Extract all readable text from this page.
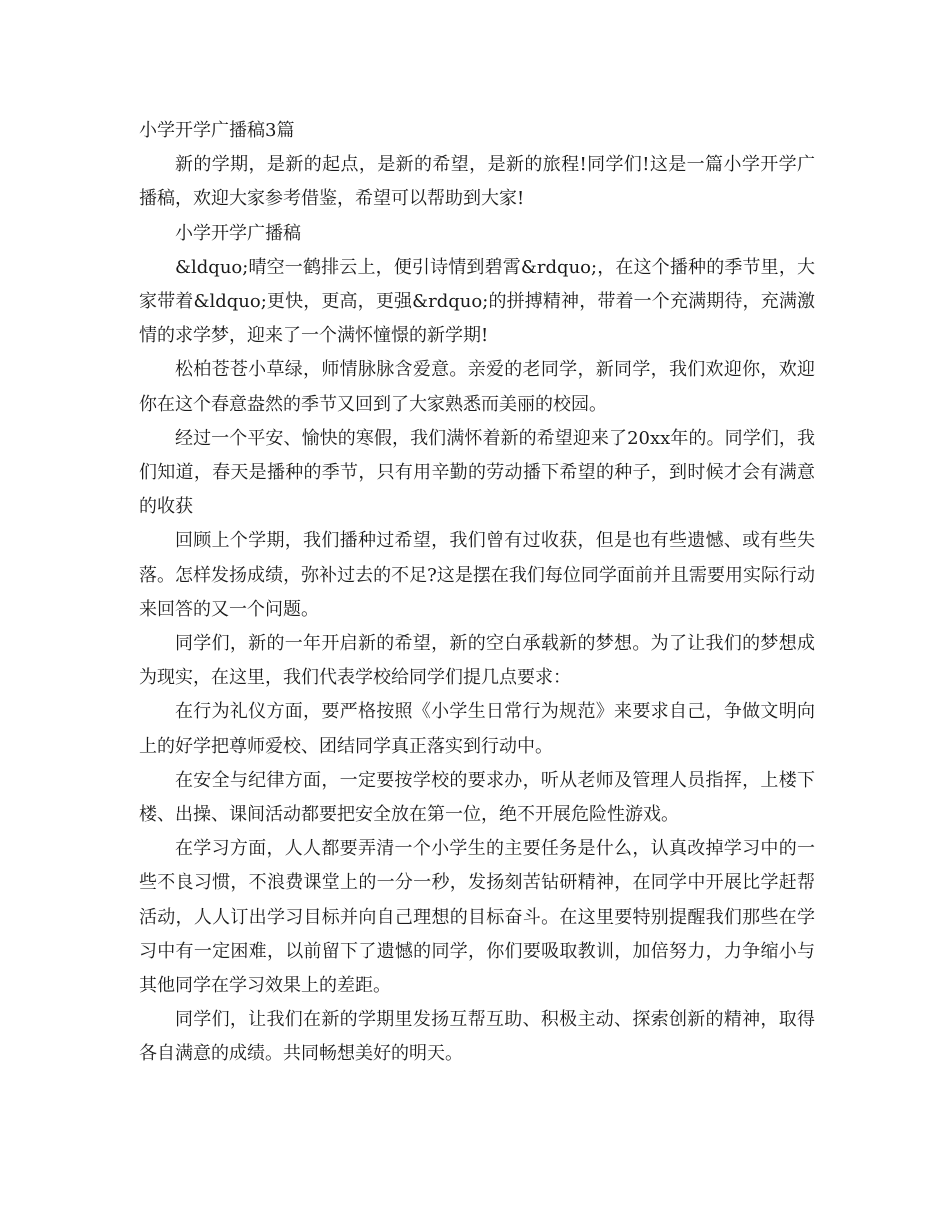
小学开学广播稿3篇

新的学期，是新的起点，是新的希望，是新的旅程!同学们!这是一篇小学开学广播稿，欢迎大家参考借鉴，希望可以帮助到大家!

小学开学广播稿

&ldquo;晴空一鹤排云上，便引诗情到碧霄&rdquo;，在这个播种的季节里，大家带着&ldquo;更快，更高，更强&rdquo;的拼搏精神，带着一个充满期待，充满激情的求学梦，迎来了一个满怀憧憬的新学期!

松柏苍苍小草绿，师情脉脉含爱意。亲爱的老同学，新同学，我们欢迎你，欢迎你在这个春意盎然的季节又回到了大家熟悉而美丽的校园。

经过一个平安、愉快的寒假，我们满怀着新的希望迎来了20xx年的。同学们，我们知道，春天是播种的季节，只有用辛勤的劳动播下希望的种子，到时候才会有满意的收获

回顾上个学期，我们播种过希望，我们曾有过收获，但是也有些遗憾、或有些失落。怎样发扬成绩，弥补过去的不足?这是摆在我们每位同学面前并且需要用实际行动来回答的又一个问题。

同学们，新的一年开启新的希望，新的空白承载新的梦想。为了让我们的梦想成为现实，在这里，我们代表学校给同学们提几点要求：

在行为礼仪方面，要严格按照《小学生日常行为规范》来要求自己，争做文明向上的好学把尊师爱校、团结同学真正落实到行动中。

在安全与纪律方面，一定要按学校的要求办，听从老师及管理人员指挥，上楼下楼、出操、课间活动都要把安全放在第一位，绝不开展危险性游戏。

在学习方面，人人都要弄清一个小学生的主要任务是什么，认真改掉学习中的一些不良习惯，不浪费课堂上的一分一秒，发扬刻苦钻研精神，在同学中开展比学赶帮活动，人人订出学习目标并向自己理想的目标奋斗。在这里要特别提醒我们那些在学习中有一定困难，以前留下了遗憾的同学，你们要吸取教训，加倍努力，力争缩小与其他同学在学习效果上的差距。

同学们，让我们在新的学期里发扬互帮互助、积极主动、探索创新的精神，取得各自满意的成绩。共同畅想美好的明天。
